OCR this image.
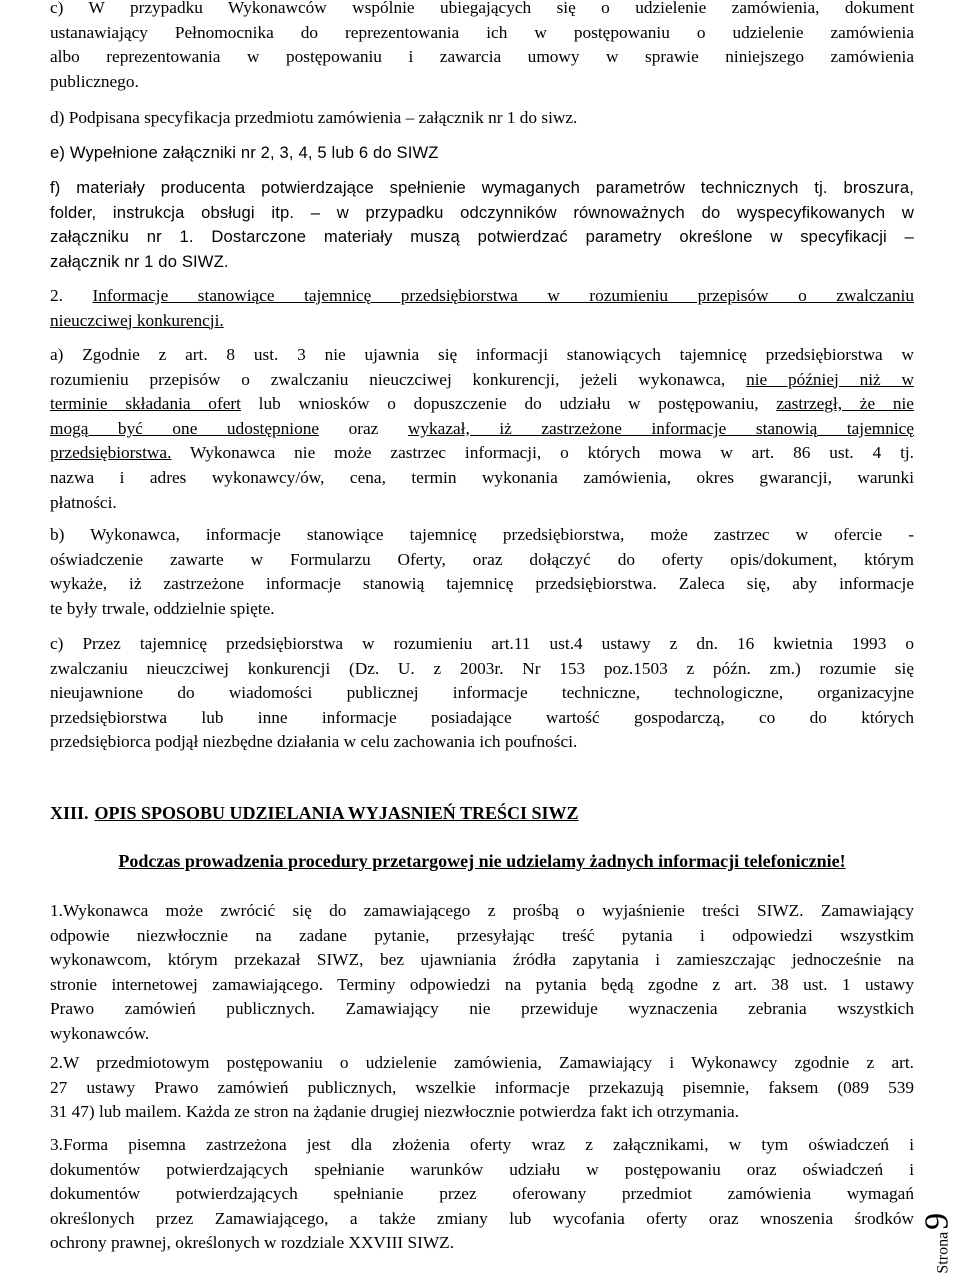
c) W przypadku Wykonawców wspólnie ubiegających się o udzielenie zamówienia, dokument
ustanawiający Pełnomocnika do reprezentowania ich w postępowaniu o udzielenie zamówienia
albo reprezentowania w postępowaniu i zawarcia umowy w sprawie niniejszego zamówienia
publicznego.
d) Podpisana specyfikacja przedmiotu zamówienia – załącznik nr 1 do siwz.
e) Wypełnione załączniki nr 2, 3, 4, 5 lub 6 do SIWZ
f) materiały producenta potwierdzające spełnienie wymaganych parametrów technicznych tj. broszura,
folder, instrukcja obsługi itp. – w przypadku odczynników równoważnych do wyspecyfikowanych w
załączniku nr 1. Dostarczone materiały muszą potwierdzać parametry określone w specyfikacji –
załącznik nr 1 do SIWZ.
2. Informacje stanowiące tajemnicę przedsiębiorstwa w rozumieniu przepisów o zwalczaniu
nieuczciwej konkurencji.
a) Zgodnie z art. 8 ust. 3 nie ujawnia się informacji stanowiących tajemnicę przedsiębiorstwa w
rozumieniu przepisów o zwalczaniu nieuczciwej konkurencji, jeżeli wykonawca, nie później niż w
terminie składania ofert lub wniosków o dopuszczenie do udziału w postępowaniu, zastrzegł, że nie
mogą być one udostępnione oraz wykazał, iż zastrzeżone informacje stanowią tajemnicę
przedsiębiorstwa. Wykonawca nie może zastrzec informacji, o których mowa w art. 86 ust. 4 tj.
nazwa i adres wykonawcy/ów, cena, termin wykonania zamówienia, okres gwarancji, warunki
płatności.
b) Wykonawca, informacje stanowiące tajemnicę przedsiębiorstwa, może zastrzec w ofercie -
oświadczenie zawarte w Formularzu Oferty, oraz dołączyć do oferty opis/dokument, którym
wykaże, iż zastrzeżone informacje stanowią tajemnicę przedsiębiorstwa. Zaleca się, aby informacje
te były trwale, oddzielnie spięte.
c) Przez tajemnicę przedsiębiorstwa w rozumieniu art.11 ust.4 ustawy z dn. 16 kwietnia 1993 o
zwalczaniu nieuczciwej konkurencji (Dz. U. z 2003r. Nr 153 poz.1503 z późn. zm.) rozumie się
nieujawnione do wiadomości publicznej informacje techniczne, technologiczne, organizacyjne
przedsiębiorstwa lub inne informacje posiadające wartość gospodarczą, co do których
przedsiębiorca podjął niezbędne działania w celu zachowania ich poufności.
XIII. OPIS SPOSOBU UDZIELANIA WYJASNIEŃ TREŚCI SIWZ
Podczas prowadzenia procedury przetargowej nie udzielamy żadnych informacji telefonicznie!
1.Wykonawca może zwrócić się do zamawiającego z prośbą o wyjaśnienie treści SIWZ. Zamawiający
odpowie niezwłocznie na zadane pytanie, przesyłając treść pytania i odpowiedzi wszystkim
wykonawcom, którym przekazał SIWZ, bez ujawniania źródła zapytania i zamieszczając jednocześnie na
stronie internetowej zamawiającego. Terminy odpowiedzi na pytania będą zgodne z art. 38 ust. 1 ustawy
Prawo zamówień publicznych. Zamawiający nie przewiduje wyznaczenia zebrania wszystkich
wykonawców.
2.W przedmiotowym postępowaniu o udzielenie zamówienia, Zamawiający i Wykonawcy zgodnie z art.
27 ustawy Prawo zamówień publicznych, wszelkie informacje przekazują pisemnie, faksem (089 539
31 47) lub mailem. Każda ze stron na żądanie drugiej niezwłocznie potwierdza fakt ich otrzymania.
3.Forma pisemna zastrzeżona jest dla złożenia oferty wraz z załącznikami, w tym oświadczeń i
dokumentów potwierdzających spełnianie warunków udziału w postępowaniu oraz oświadczeń i
dokumentów potwierdzających spełnianie przez oferowany przedmiot zamówienia wymagań
określonych przez Zamawiającego, a także zmiany lub wycofania oferty oraz wnoszenia środków
ochrony prawnej, określonych w rozdziale XXVIII SIWZ.	Strona9
